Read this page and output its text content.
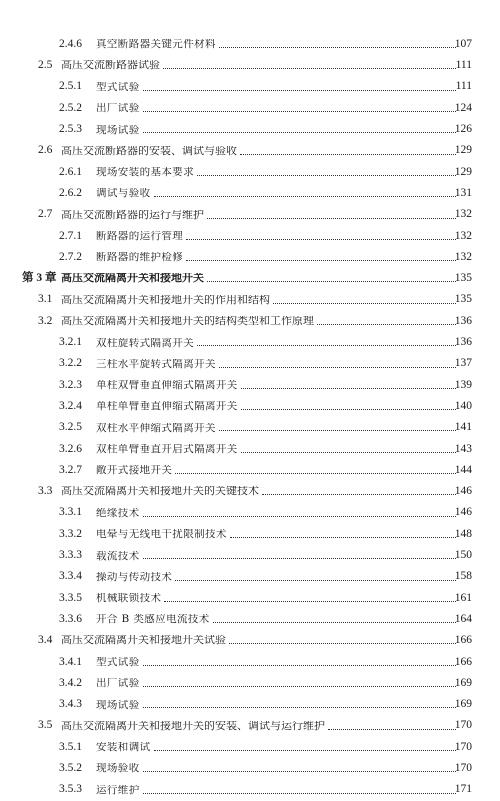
2.4.6 真空断路器关键元件材料	107
2.5 高压交流断路器试验	111
2.5.1 型式试验	111
2.5.2 出厂试验	124
2.5.3 现场试验	126
2.6 高压交流断路器的安装、调试与验收	129
2.6.1 现场安装的基本要求	129
2.6.2 调试与验收	131
2.7 高压交流断路器的运行与维护	132
2.7.1 断路器的运行管理	132
2.7.2 断路器的维护检修	132
第 3 章 高压交流隔离开关和接地开关	135
3.1 高压交流隔离开关和接地开关的作用和结构	135
3.2 高压交流隔离开关和接地开关的结构类型和工作原理	136
3.2.1 双柱旋转式隔离开关	136
3.2.2 三柱水平旋转式隔离开关	137
3.2.3 单柱双臂垂直伸缩式隔离开关	139
3.2.4 单柱单臂垂直伸缩式隔离开关	140
3.2.5 双柱水平伸缩式隔离开关	141
3.2.6 双柱单臂垂直开启式隔离开关	143
3.2.7 敞开式接地开关	144
3.3 高压交流隔离开关和接地开关的关键技术	146
3.3.1 绝缘技术	146
3.3.2 电晕与无线电干扰限制技术	148
3.3.3 载流技术	150
3.3.4 操动与传动技术	158
3.3.5 机械联锁技术	161
3.3.6 开合 B 类感应电流技术	164
3.4 高压交流隔离开关和接地开关试验	166
3.4.1 型式试验	166
3.4.2 出厂试验	169
3.4.3 现场试验	169
3.5 高压交流隔离开关和接地开关的安装、调试与运行维护	170
3.5.1 安装和调试	170
3.5.2 现场验收	170
3.5.3 运行维护	171
